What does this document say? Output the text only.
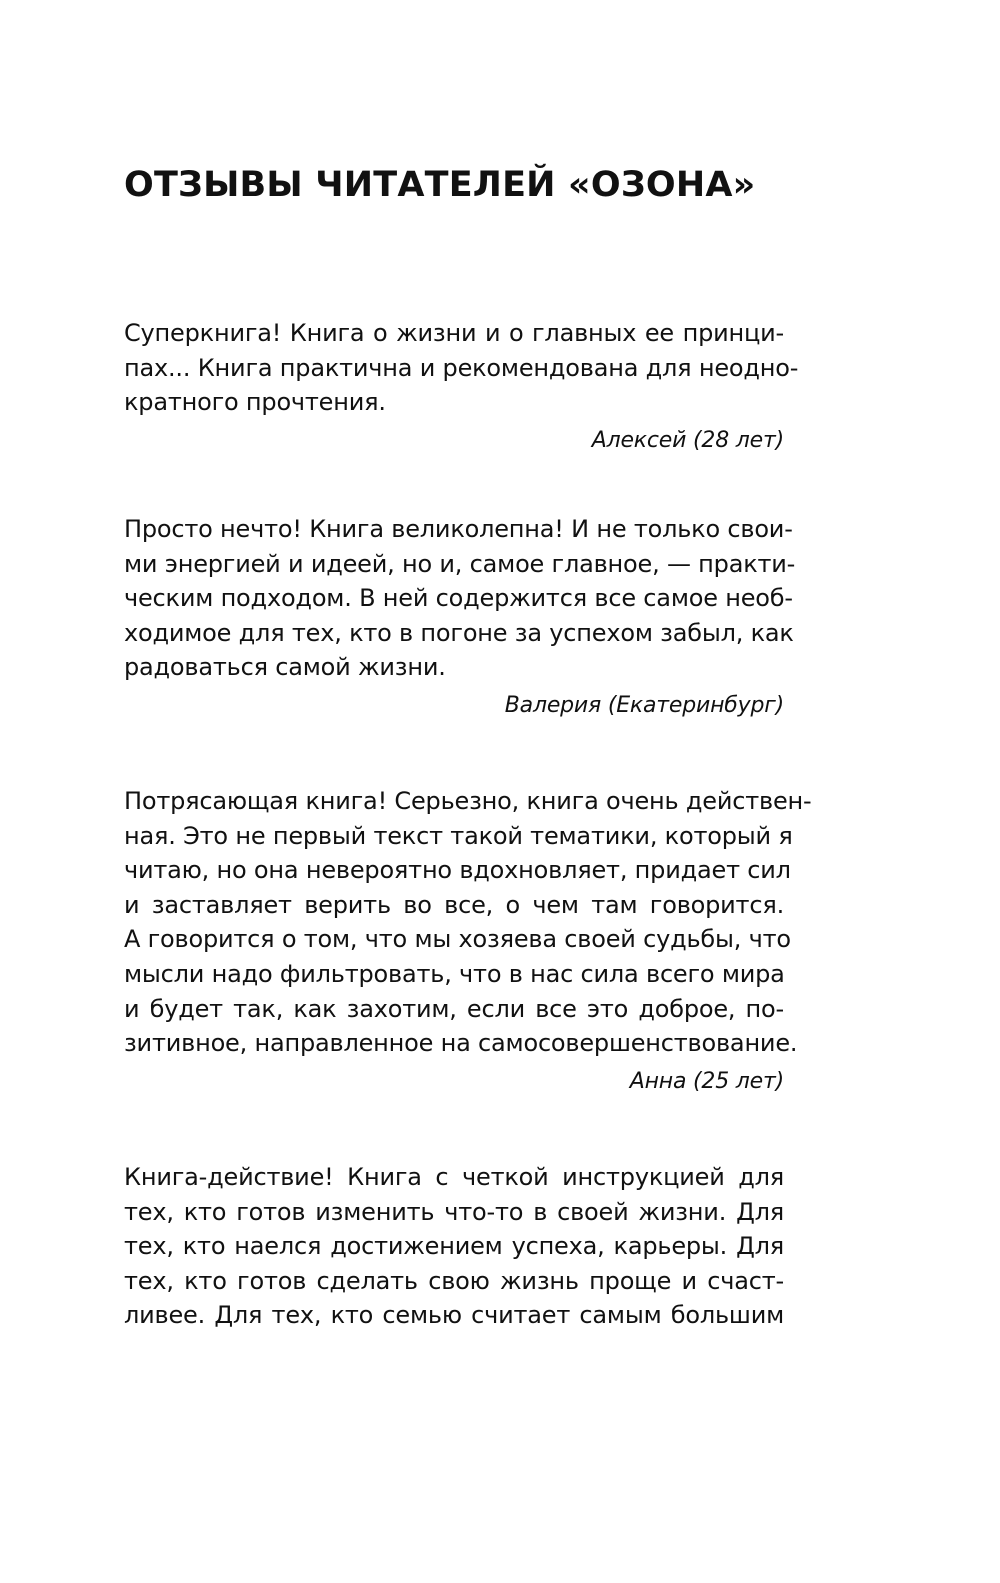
ОТЗЫВЫ ЧИТАТЕЛЕЙ «ОЗОНА»
Суперкнига! Книга о жизни и о главных ее принци-
пах... Книга практична и рекомендована для неодно-
кратного прочтения.
Алексей (28 лет)
Просто нечто! Книга великолепна! И не только свои-
ми энергией и идеей, но и, самое главное, — практи-
ческим подходом. В ней содержится все самое необ-
ходимое для тех, кто в погоне за успехом забыл, как
радоваться самой жизни.
Валерия (Екатеринбург)
Потрясающая книга! Серьезно, книга очень действен-
ная. Это не первый текст такой тематики, который я
читаю, но она невероятно вдохновляет, придает сил
и заставляет верить во все, о чем там говорится.
А говорится о том, что мы хозяева своей судьбы, что
мысли надо фильтровать, что в нас сила всего мира
и будет так, как захотим, если все это доброе, по-
зитивное, направленное на самосовершенствование.
Анна (25 лет)
Книга-действие! Книга с четкой инструкцией для
тех, кто готов изменить что-то в своей жизни. Для
тех, кто наелся достижением успеха, карьеры. Для
тех, кто готов сделать свою жизнь проще и счаст-
ливее. Для тех, кто семью считает самым большим
